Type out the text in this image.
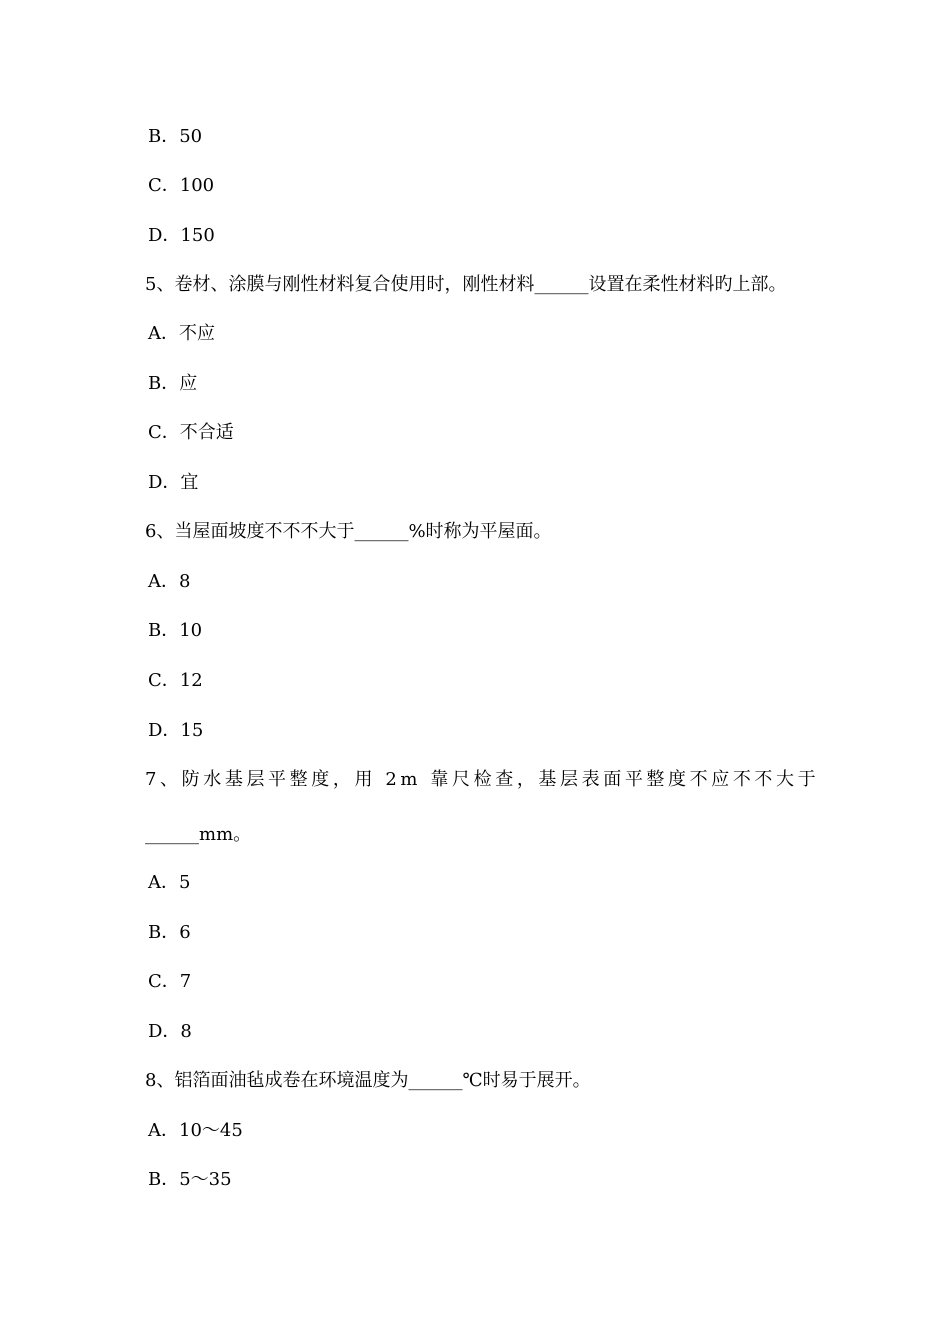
B．50
C．100
D．150
5、卷材、涂膜与刚性材料复合使用时，刚性材料______设置在柔性材料旳上部。
A．不应
B．应
C．不合适
D．宜
6、当屋面坡度不不不大于______%时称为平屋面。
A．8
B．10
C．12
D．15
7、防水基层平整度，用 2m 靠尺检查，基层表面平整度不应不不大于
______mm。
A．5
B．6
C．7
D．8
8、铝箔面油毡成卷在环境温度为______℃时易于展开。
A．10～45
B．5～35
